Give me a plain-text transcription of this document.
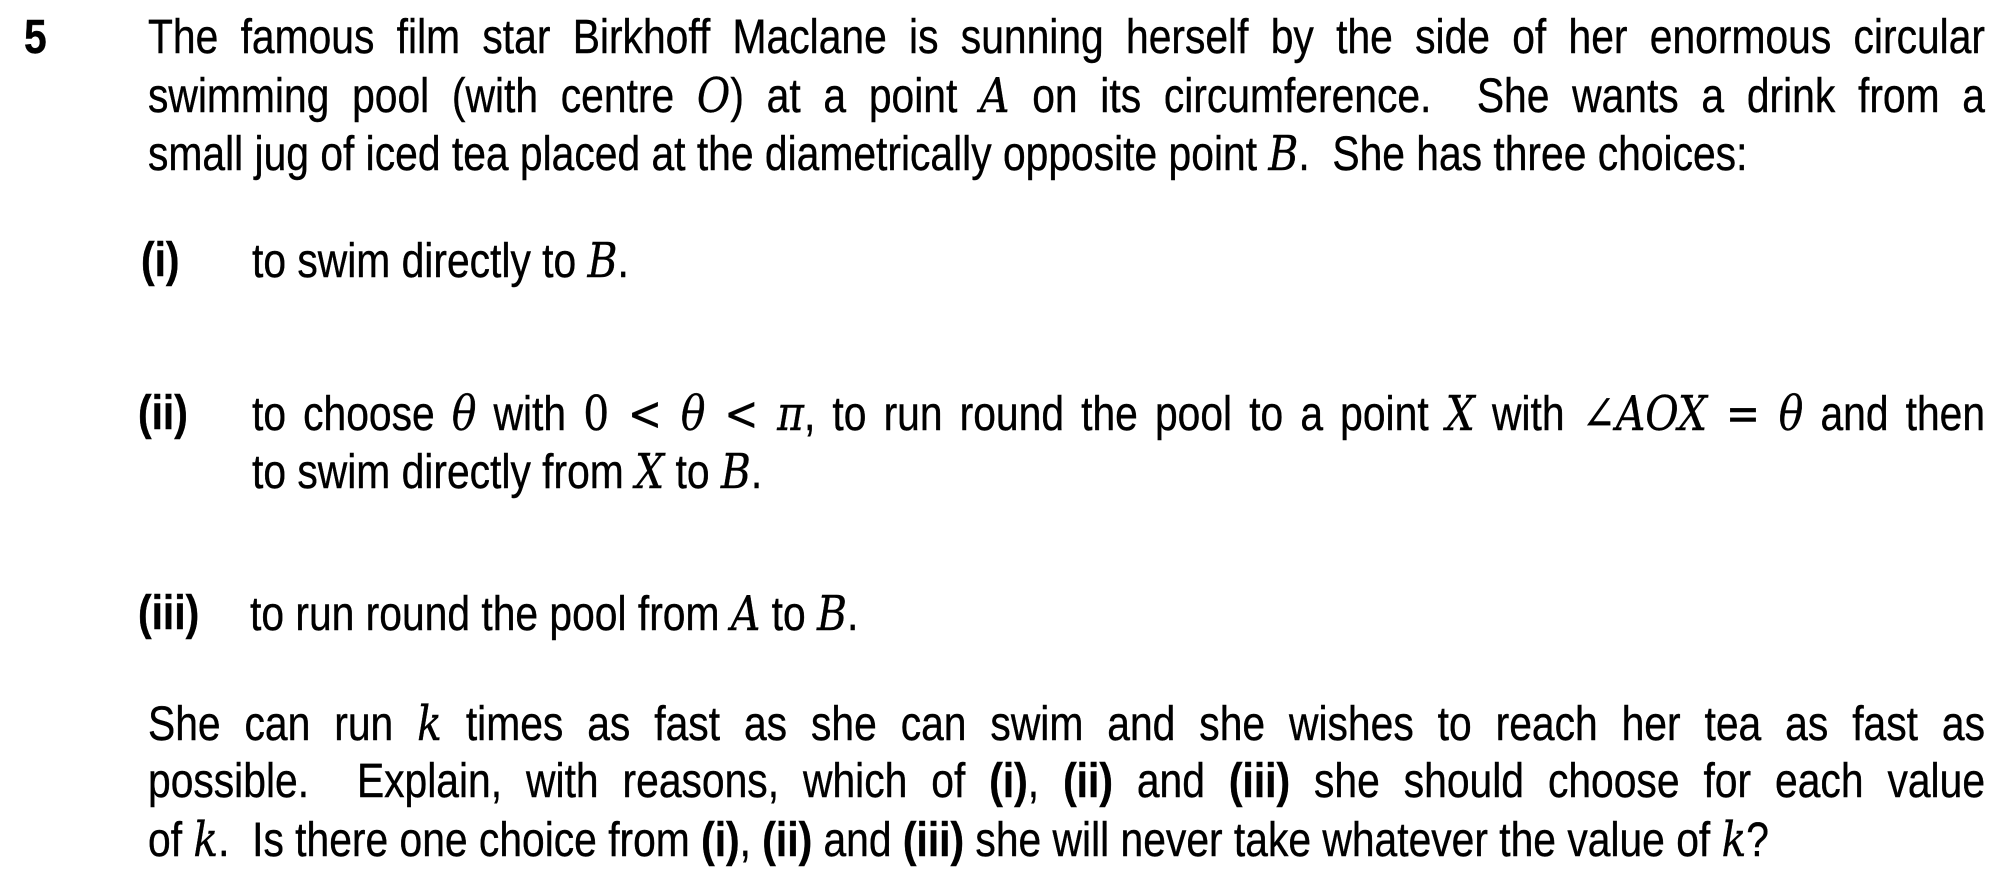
5 The famous film star Birkhoff Maclane is sunning herself by the side of her enormous circular
swimming pool (with centre O) at a point A on its circumference.  She wants a drink from a
small jug of iced tea placed at the diametrically opposite point B.  She has three choices:
(i) to swim directly to B.
(ii) to choose θ with 0 < θ < π, to run round the pool to a point X with ∠AOX = θ and then
to swim directly from X to B.
(iii) to run round the pool from A to B.
She can run k times as fast as she can swim and she wishes to reach her tea as fast as
possible.  Explain, with reasons, which of (i), (ii) and (iii) she should choose for each value
of k.  Is there one choice from (i), (ii) and (iii) she will never take whatever the value of k?
